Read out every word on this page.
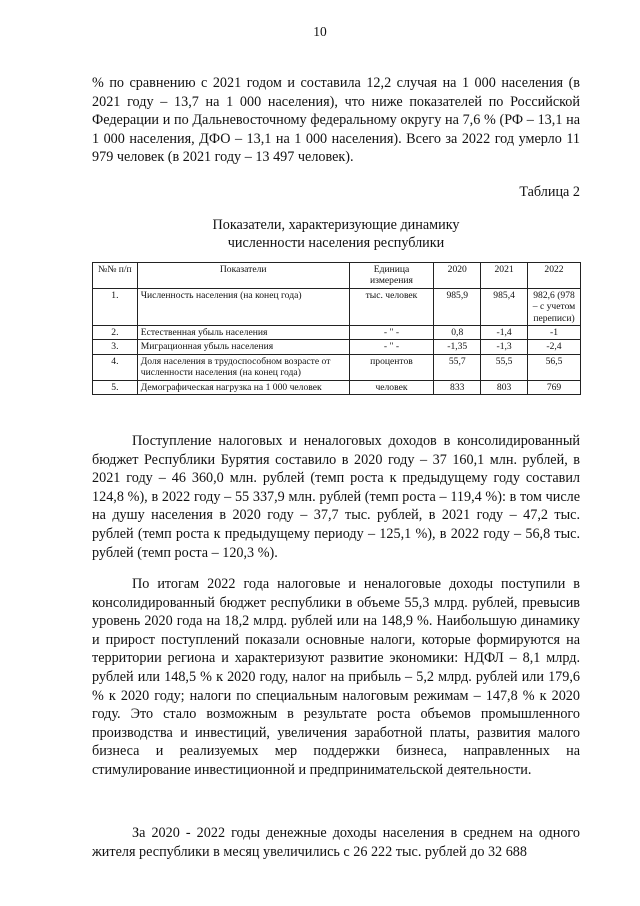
10

% по сравнению с 2021 годом и составила 12,2 случая на 1 000 населения (в 2021 году – 13,7 на 1 000 населения), что ниже показателей по Российской Федерации и по Дальневосточному федеральному округу на 7,6 % (РФ – 13,1 на 1 000 населения, ДФО – 13,1 на 1 000 населения). Всего за 2022 год умерло 11 979 человек (в 2021 году – 13 497 человек).

Таблица 2
Показатели, характеризующие динамику
численности населения республики
№№ п/п	Показатели	Единица измерения	2020	2021	2022
1.	Численность населения (на конец года)	тыс. человек	985,9	985,4	982,6 (978 – с учетом переписи)
2.	Естественная убыль населения	- " -	0,8	-1,4	-1
3.	Миграционная убыль населения	- " -	-1,35	-1,3	-2,4
4.	Доля населения в трудоспособном возрасте от численности населения (на конец года)	процентов	55,7	55,5	56,5
5.	Демографическая нагрузка на 1 000 человек	человек	833	803	769

Поступление налоговых и неналоговых доходов в консолидированный бюджет Республики Бурятия составило в 2020 году – 37 160,1 млн. рублей, в 2021 году – 46 360,0 млн. рублей (темп роста к предыдущему году составил 124,8 %), в 2022 году – 55 337,9 млн. рублей (темп роста – 119,4 %): в том числе на душу населения в 2020 году – 37,7 тыс. рублей, в 2021 году – 47,2 тыс. рублей (темп роста к предыдущему периоду – 125,1 %), в 2022 году – 56,8 тыс. рублей (темп роста – 120,3 %).

По итогам 2022 года налоговые и неналоговые доходы поступили в консолидированный бюджет республики в объеме 55,3 млрд. рублей, превысив уровень 2020 года на 18,2 млрд. рублей или на 148,9 %. Наибольшую динамику и прирост поступлений показали основные налоги, которые формируются на территории региона и характеризуют развитие экономики: НДФЛ – 8,1 млрд. рублей или 148,5 % к 2020 году, налог на прибыль – 5,2 млрд. рублей или 179,6 % к 2020 году; налоги по специальным налоговым режимам – 147,8 % к 2020 году. Это стало возможным в результате роста объемов промышленного производства и инвестиций, увеличения заработной платы, развития малого бизнеса и реализуемых мер поддержки бизнеса, направленных на стимулирование инвестиционной и предпринимательской деятельности.

За 2020 - 2022 годы денежные доходы населения в среднем на одного жителя республики в месяц увеличились с 26 222 тыс. рублей до 32 688
